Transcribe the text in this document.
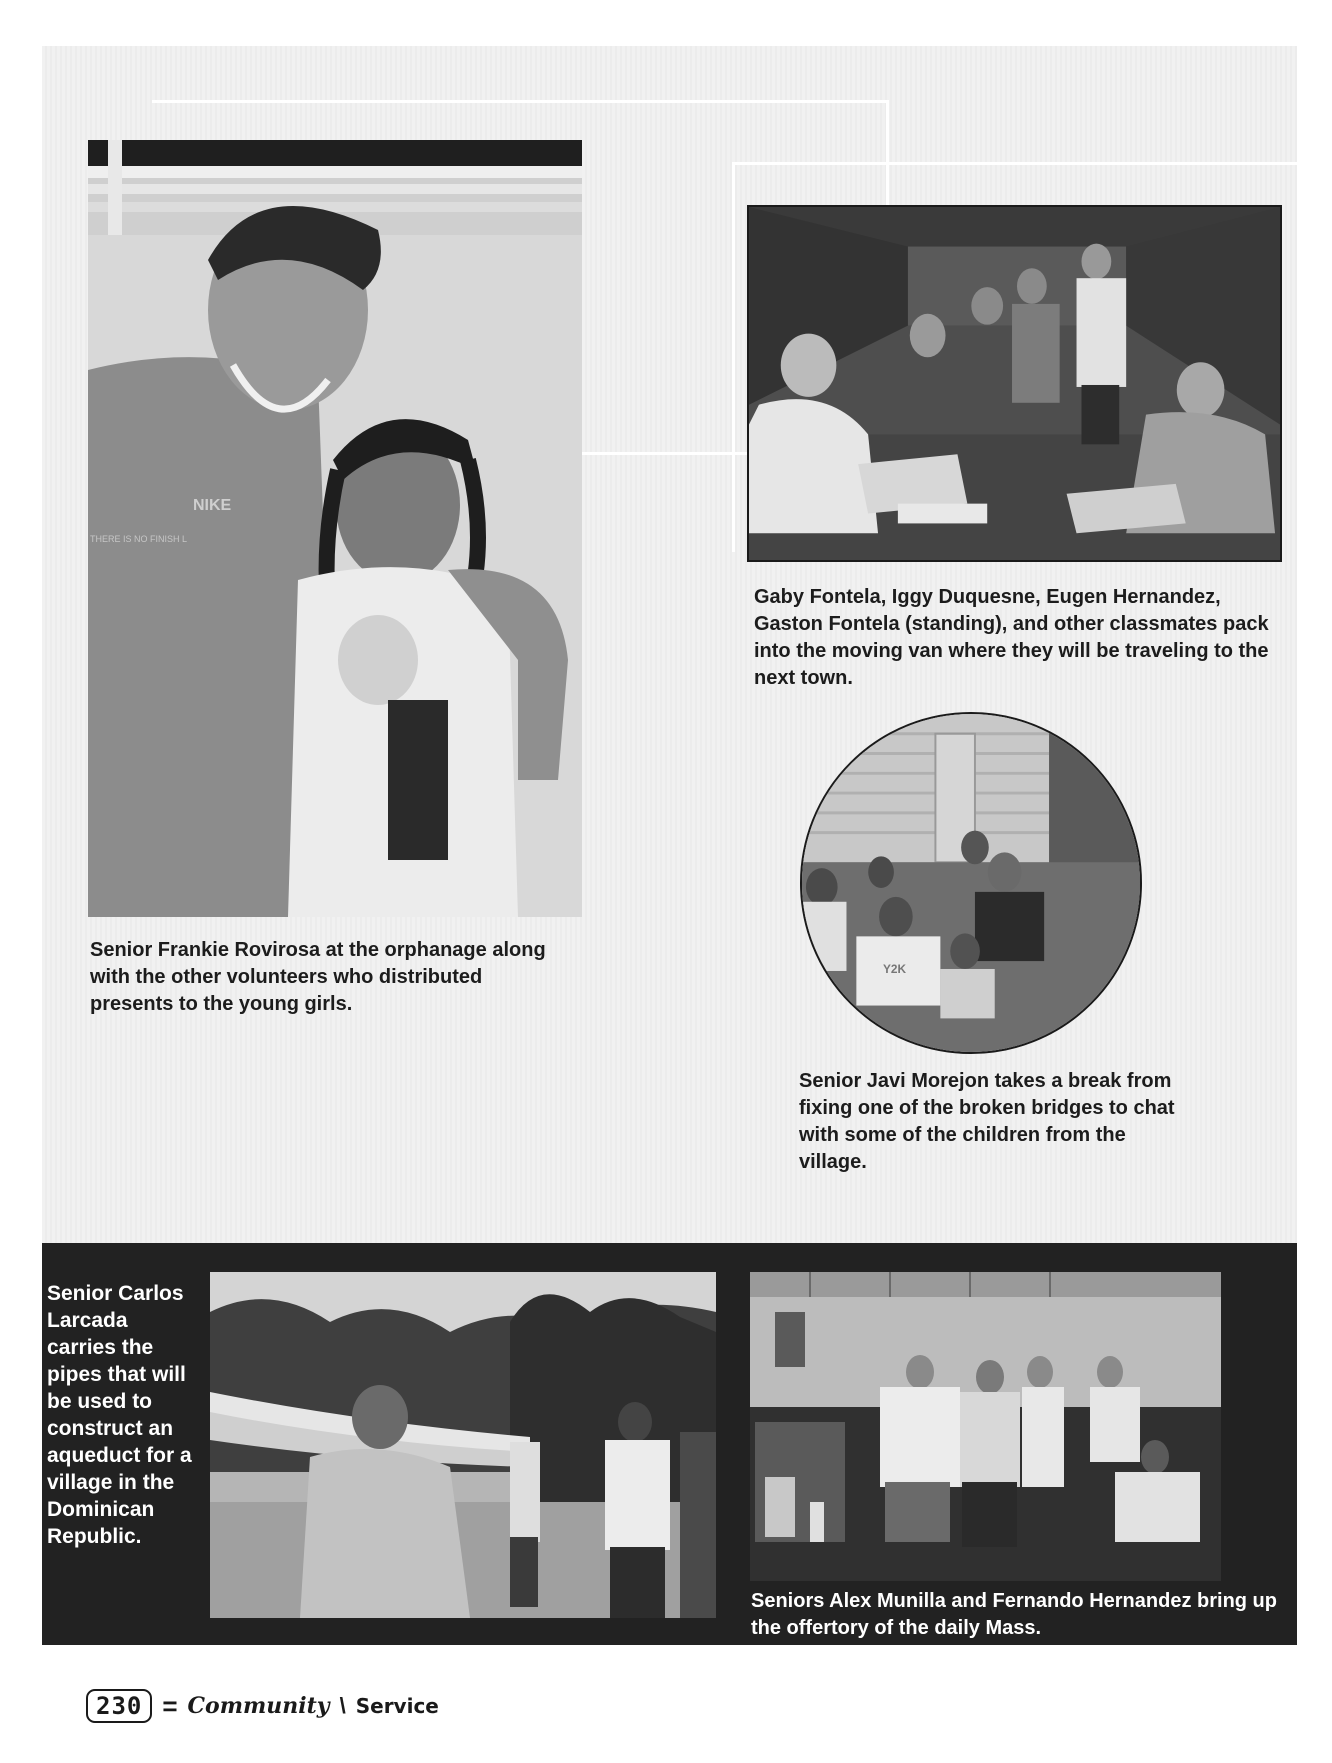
NIKE
THERE IS NO FINISH L
Y2K
Senior Frankie Rovirosa at the orphanage along with the other volunteers who distributed presents to the young girls.
Gaby Fontela, Iggy Duquesne, Eugen Hernandez, Gaston Fontela (standing), and other classmates pack into the moving van where they will be traveling to the next town.
Senior Javi Morejon takes a break from fixing one of the broken bridges to chat with some of the children from the village.
Senior Carlos Larcada carries the pipes that will be used to construct an aqueduct for a village in the Dominican Republic.
Seniors Alex Munilla and Fernando Hernandez bring up the offertory of the daily Mass.
230 = Community \ Service
